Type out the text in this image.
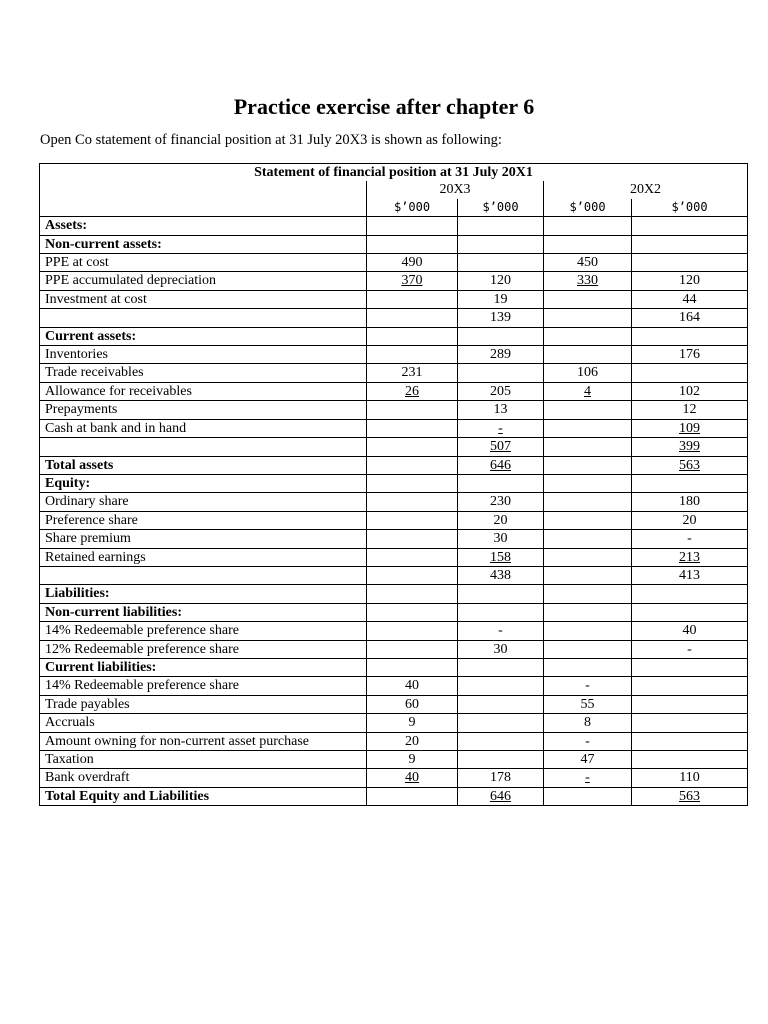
Practice exercise after chapter 6

Open Co statement of financial position at 31 July 20X3 is shown as following:

Statement of financial position at 31 July 20X1				
	20X3		20X2	
	$’000	$’000	$’000	$’000
Assets:				
Non-current assets:				
PPE at cost	490		450	
PPE accumulated depreciation	370	120	330	120
Investment at cost		19		44
		139		164
Current assets:				
Inventories		289		176
Trade receivables	231		106	
Allowance for receivables	26	205	4	102
Prepayments		13		12
Cash at bank and in hand		-		109
		507		399
Total assets		646		563
Equity:				
Ordinary share		230		180
Preference share		20		20
Share premium		30		-
Retained earnings		158		213
		438		413
Liabilities:				
Non-current liabilities:				
14% Redeemable preference share		-		40
12% Redeemable preference share		30		-
Current liabilities:				
14% Redeemable preference share	40		-	
Trade payables	60		55	
Accruals	9		8	
Amount owning for non-current asset purchase	20		-	
Taxation	9		47	
Bank overdraft	40	178	-	110
Total Equity and Liabilities		646		563
